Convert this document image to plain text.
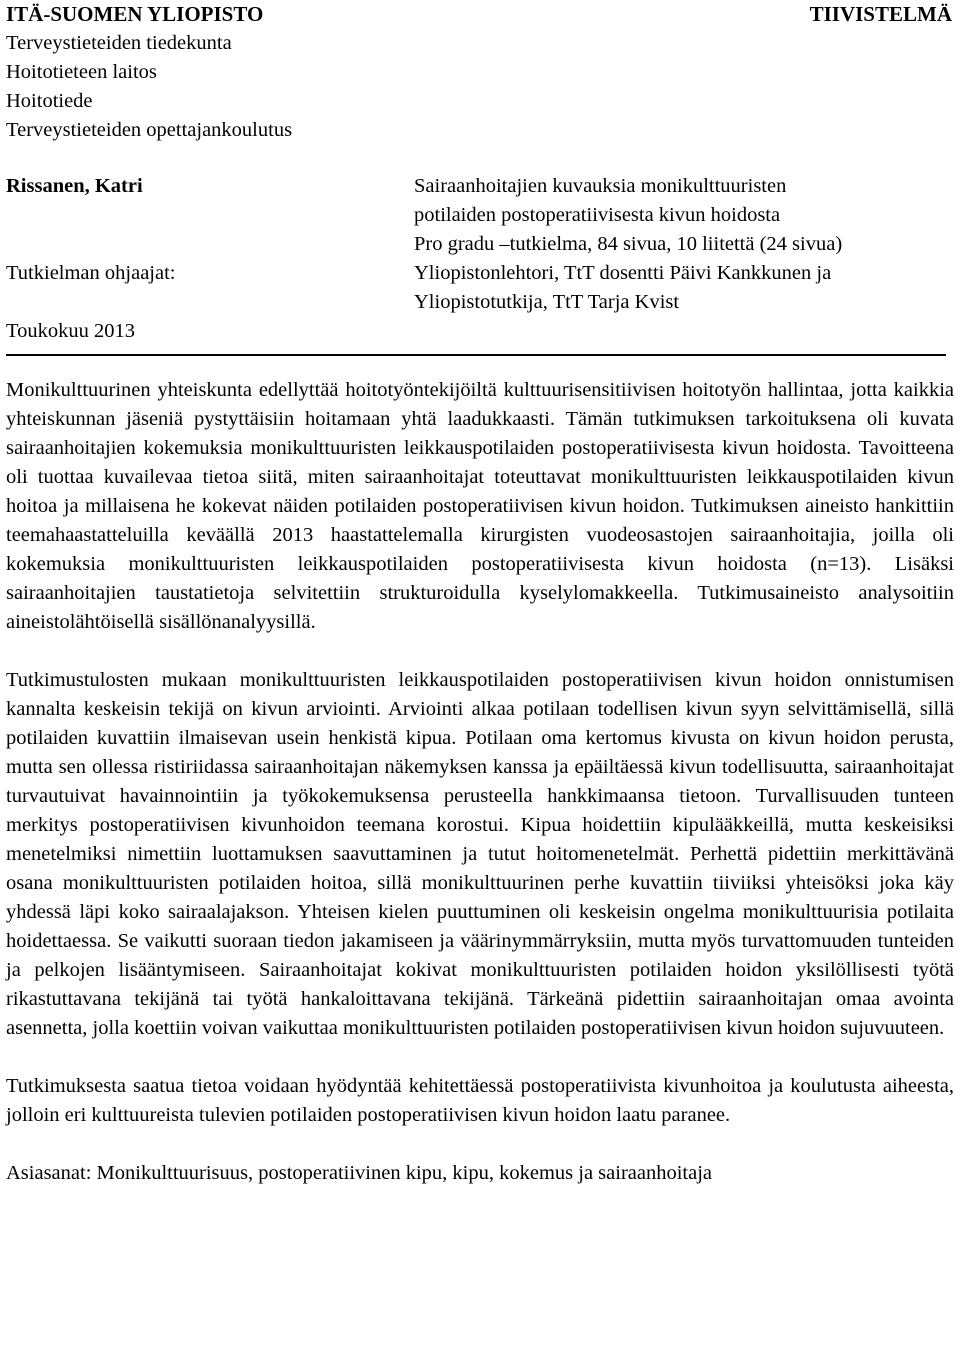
ITÄ-SUOMEN YLIOPISTO	TIIVISTELMÄ
Terveystieteiden tiedekunta
Hoitotieteen laitos
Hoitotiede
Terveystieteiden opettajankoulutus
Rissanen, Katri
Tutkielman ohjaajat:
Toukokuu 2013
Sairaanhoitajien kuvauksia monikulttuuristen
potilaiden postoperatiivisesta kivun hoidosta
Pro gradu –tutkielma, 84 sivua, 10 liitettä (24 sivua)
Yliopistonlehtori, TtT dosentti Päivi Kankkunen ja
Yliopistotutkija, TtT Tarja Kvist

Monikulttuurinen yhteiskunta edellyttää hoitotyöntekijöiltä kulttuurisensitiivisen hoitotyön hallintaa, jotta kaikkia yhteiskunnan jäseniä pystyttäisiin hoitamaan yhtä laadukkaasti. Tämän tutkimuksen tarkoituksena oli kuvata sairaanhoitajien kokemuksia monikulttuuristen leikkauspotilaiden postoperatiivisesta kivun hoidosta. Tavoitteena oli tuottaa kuvailevaa tietoa siitä, miten sairaanhoitajat toteuttavat monikulttuuristen leikkauspotilaiden kivun hoitoa ja millaisena he kokevat näiden potilaiden postoperatiivisen kivun hoidon. Tutkimuksen aineisto hankittiin teemahaastatteluilla keväällä 2013 haastattelemalla kirurgisten vuodeosastojen sairaanhoitajia, joilla oli kokemuksia monikulttuuristen leikkauspotilaiden postoperatiivisesta kivun hoidosta (n=13). Lisäksi sairaanhoitajien taustatietoja selvitettiin strukturoidulla kyselylomakkeella. Tutkimusaineisto analysoitiin aineistolähtöisellä sisällönanalyysillä.

Tutkimustulosten mukaan monikulttuuristen leikkauspotilaiden postoperatiivisen kivun hoidon onnistumisen kannalta keskeisin tekijä on kivun arviointi. Arviointi alkaa potilaan todellisen kivun syyn selvittämisellä, sillä potilaiden kuvattiin ilmaisevan usein henkistä kipua. Potilaan oma kertomus kivusta on kivun hoidon perusta, mutta sen ollessa ristiriidassa sairaanhoitajan näkemyksen kanssa ja epäiltäessä kivun todellisuutta, sairaanhoitajat turvautuivat havainnointiin ja työkokemuksensa perusteella hankkimaansa tietoon. Turvallisuuden tunteen merkitys postoperatiivisen kivunhoidon teemana korostui. Kipua hoidettiin kipulääkkeillä, mutta keskeisiksi menetelmiksi nimettiin luottamuksen saavuttaminen ja tutut hoitomenetelmät. Perhettä pidettiin merkittävänä osana monikulttuuristen potilaiden hoitoa, sillä monikulttuurinen perhe kuvattiin tiiviiksi yhteisöksi joka käy yhdessä läpi koko sairaalajakson. Yhteisen kielen puuttuminen oli keskeisin ongelma monikulttuurisia potilaita hoidettaessa. Se vaikutti suoraan tiedon jakamiseen ja väärinymmärryksiin, mutta myös turvattomuuden tunteiden ja pelkojen lisääntymiseen. Sairaanhoitajat kokivat monikulttuuristen potilaiden hoidon yksilöllisesti työtä rikastuttavana tekijänä tai työtä hankaloittavana tekijänä. Tärkeänä pidettiin sairaanhoitajan omaa avointa asennetta, jolla koettiin voivan vaikuttaa monikulttuuristen potilaiden postoperatiivisen kivun hoidon sujuvuuteen.

Tutkimuksesta saatua tietoa voidaan hyödyntää kehitettäessä postoperatiivista kivunhoitoa ja koulutusta aiheesta, jolloin eri kulttuureista tulevien potilaiden postoperatiivisen kivun hoidon laatu paranee.

Asiasanat: Monikulttuurisuus, postoperatiivinen kipu, kipu, kokemus ja sairaanhoitaja
